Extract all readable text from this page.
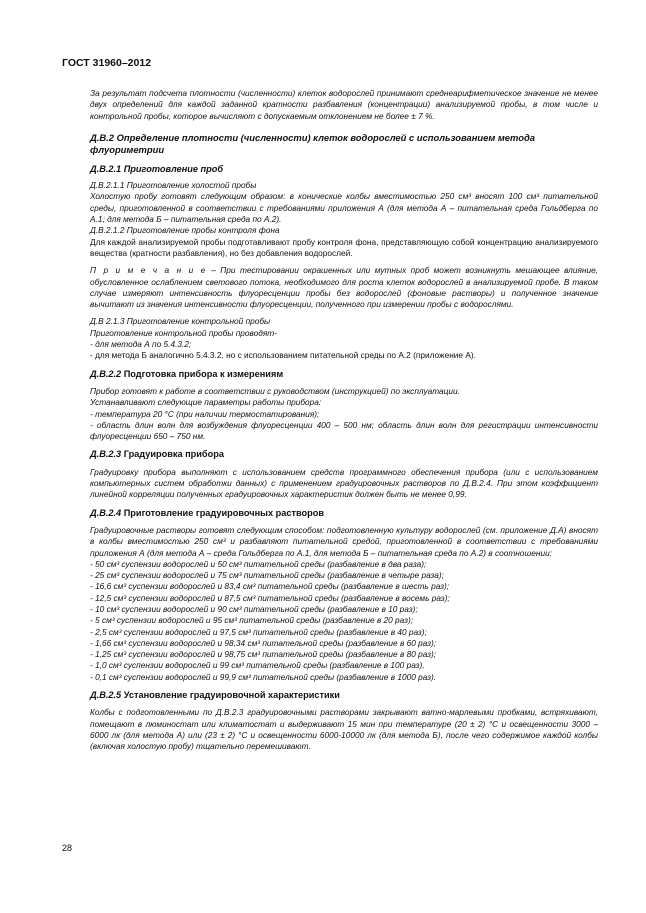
ГОСТ 31960–2012

За результат подсчета плотности (численности) клеток водорослей принимают среднеарифметическое значение не менее двух определений для каждой заданной кратности разбавления (концентрации) анализируемой пробы, в том числе и контрольной пробы, которое вычисляют с допускаемым отклонением не более ± 7 %.

Д.В.2 Определение плотности (численности) клеток водорослей с использованием метода флуориметрии
Д.В.2.1 Приготовление проб

Д.В.2.1.1 Приготовление холостой пробы

Холостую пробу готовят следующим образом: в конические колбы вместимостью 250 см³ вносят 100 см³ питательной среды, приготовленной в соответствии с требованиями приложения А (для метода А – питательная среда Гольдберга по А.1; для метода Б – питательная среда по А.2).

Д.В.2.1.2 Приготовление пробы контроля фона

Для каждой анализируемой пробы подготавливают пробу контроля фона, представляющую собой концентрацию анализируемого вещества (кратности разбавления), но без добавления водорослей.

П р и м е ч а н и е – При тестировании окрашенных или мутных проб может возникнуть мешающее влияние, обусловленное ослаблением светового потока, необходимого для роста клеток водорослей в анализируемой пробе. В таком случае измеряют интенсивность флуоресценции пробы без водорослей (фоновые растворы) и полученное значение вычитают из значения интенсивности флуоресценции, полученного при измерении пробы с водорослями.

Д.В 2.1.3 Приготовление контрольной пробы

Приготовление контрольной пробы проводят-

- для метода А по 5.4.3.2;

- для метода Б аналогично 5.4.3.2, но с использованием питательной среды по А.2 (приложение А).

Д.В.2.2 Подготовка прибора к измерениям

Прибор готовят к работе в соответствии с руководством (инструкцией) по эксплуатации.

Устанавливают следующие параметры работы прибора:

- температура 20 °С (при наличии термостатирования);

- область длин волн для возбуждения флуоресценции 400 – 500 нм; область длин волн для регистрации интенсивности флуоресценции 650 – 750 нм.

Д.В.2.3 Градуировка прибора

Градуировку прибора выполняют с использованием средств программного обеспечения прибора (или с использованием компьютерных систем обработки данных) с применением градуировочных растворов по Д.В.2.4. При этом коэффициент линейной корреляции полученных градуировочных характеристик должен быть не менее 0,99.

Д.В.2.4 Приготовление градуировочных растворов

Градуировочные растворы готовят следующим способом: подготовленную культуру водорослей (см. приложение Д.А) вносят в колбы вместимостью 250 см³ и разбавляют питательной средой, приготовленной в соответствии с требованиями приложения А (для метода А – среда Гольдберга по А.1, для метода Б – питательная среда по А.2) в соотношении:

- 50 см³ суспензии водорослей и 50 см³ питательной среды (разбавление в два раза);

- 25 см³ суспензии водорослей и 75 см³ питательной среды (разбавление в четыре раза);

- 16,6 см³ суспензии водорослей и 83,4 см³ питательной среды (разбавление в шесть раз);

- 12,5 см³ суспензии водорослей и 87,5 см³ питательной среды (разбавление в восемь раз);

- 10 см³ суспензии водорослей и 90 см³ питательной среды (разбавление в 10 раз);

- 5 см³ суспензии водорослей и 95 см³ питательной среды (разбавление в 20 раз);

- 2,5 см³ суспензии водорослей и 97,5 см³ питательной среды (разбавление в 40 раз);

- 1,66 см³ суспензии водорослей и 98,34 см³ питательной среды (разбавление в 60 раз);

- 1,25 см³ суспензии водорослей и 98,75 см³ питательной среды (разбавление в 80 раз);

- 1,0 см³ суспензии водорослей и 99 см³ питательной среды (разбавление в 100 раз),

- 0,1 см³ суспензии водорослей и 99,9 см³ питательной среды (разбавление в 1000 раз).

Д.В.2.5 Установление градуировочной характеристики

Колбы с подготовленными по Д.В.2.3 градуировочными растворами закрывают ватно-марлевыми пробками, встряхивают, помещают в люминостат или климатостат и выдерживают 15 мин при температуре (20 ± 2) °С и освещенности 3000 – 6000 лк (для метода А) или (23 ± 2) °С и освещенности 6000-10000 лк (для метода Б), после чего содержимое каждой колбы (включая холостую пробу) тщательно перемешивают.

28
